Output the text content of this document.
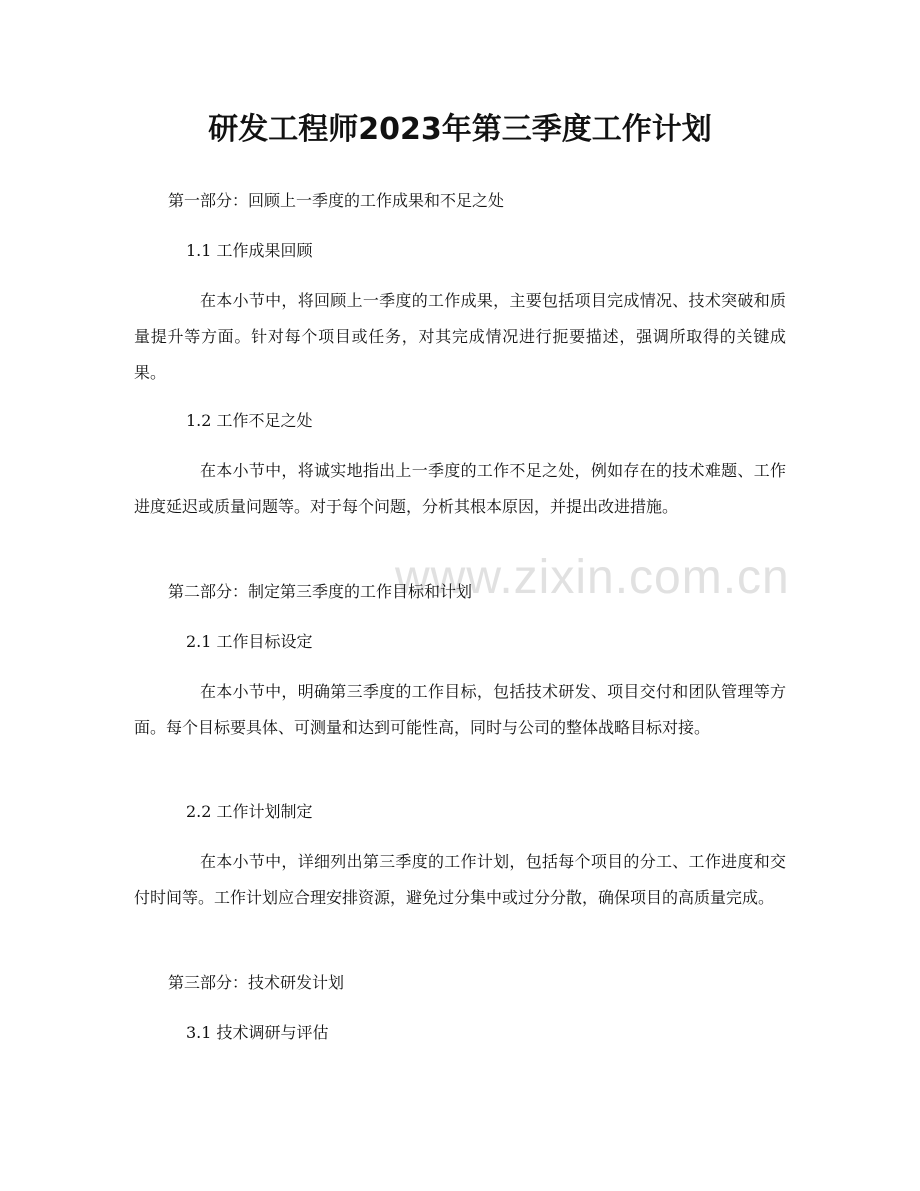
研发工程师2023年第三季度工作计划
www.zixin.com.cn
第一部分：回顾上一季度的工作成果和不足之处
1.1 工作成果回顾
在本小节中，将回顾上一季度的工作成果，主要包括项目完成情况、技术突破和质量提升等方面。针对每个项目或任务，对其完成情况进行扼要描述，强调所取得的关键成果。
1.2 工作不足之处
在本小节中，将诚实地指出上一季度的工作不足之处，例如存在的技术难题、工作进度延迟或质量问题等。对于每个问题，分析其根本原因，并提出改进措施。
第二部分：制定第三季度的工作目标和计划
2.1 工作目标设定
在本小节中，明确第三季度的工作目标，包括技术研发、项目交付和团队管理等方面。每个目标要具体、可测量和达到可能性高，同时与公司的整体战略目标对接。
2.2 工作计划制定
在本小节中，详细列出第三季度的工作计划，包括每个项目的分工、工作进度和交付时间等。工作计划应合理安排资源，避免过分集中或过分分散，确保项目的高质量完成。
第三部分：技术研发计划
3.1 技术调研与评估
